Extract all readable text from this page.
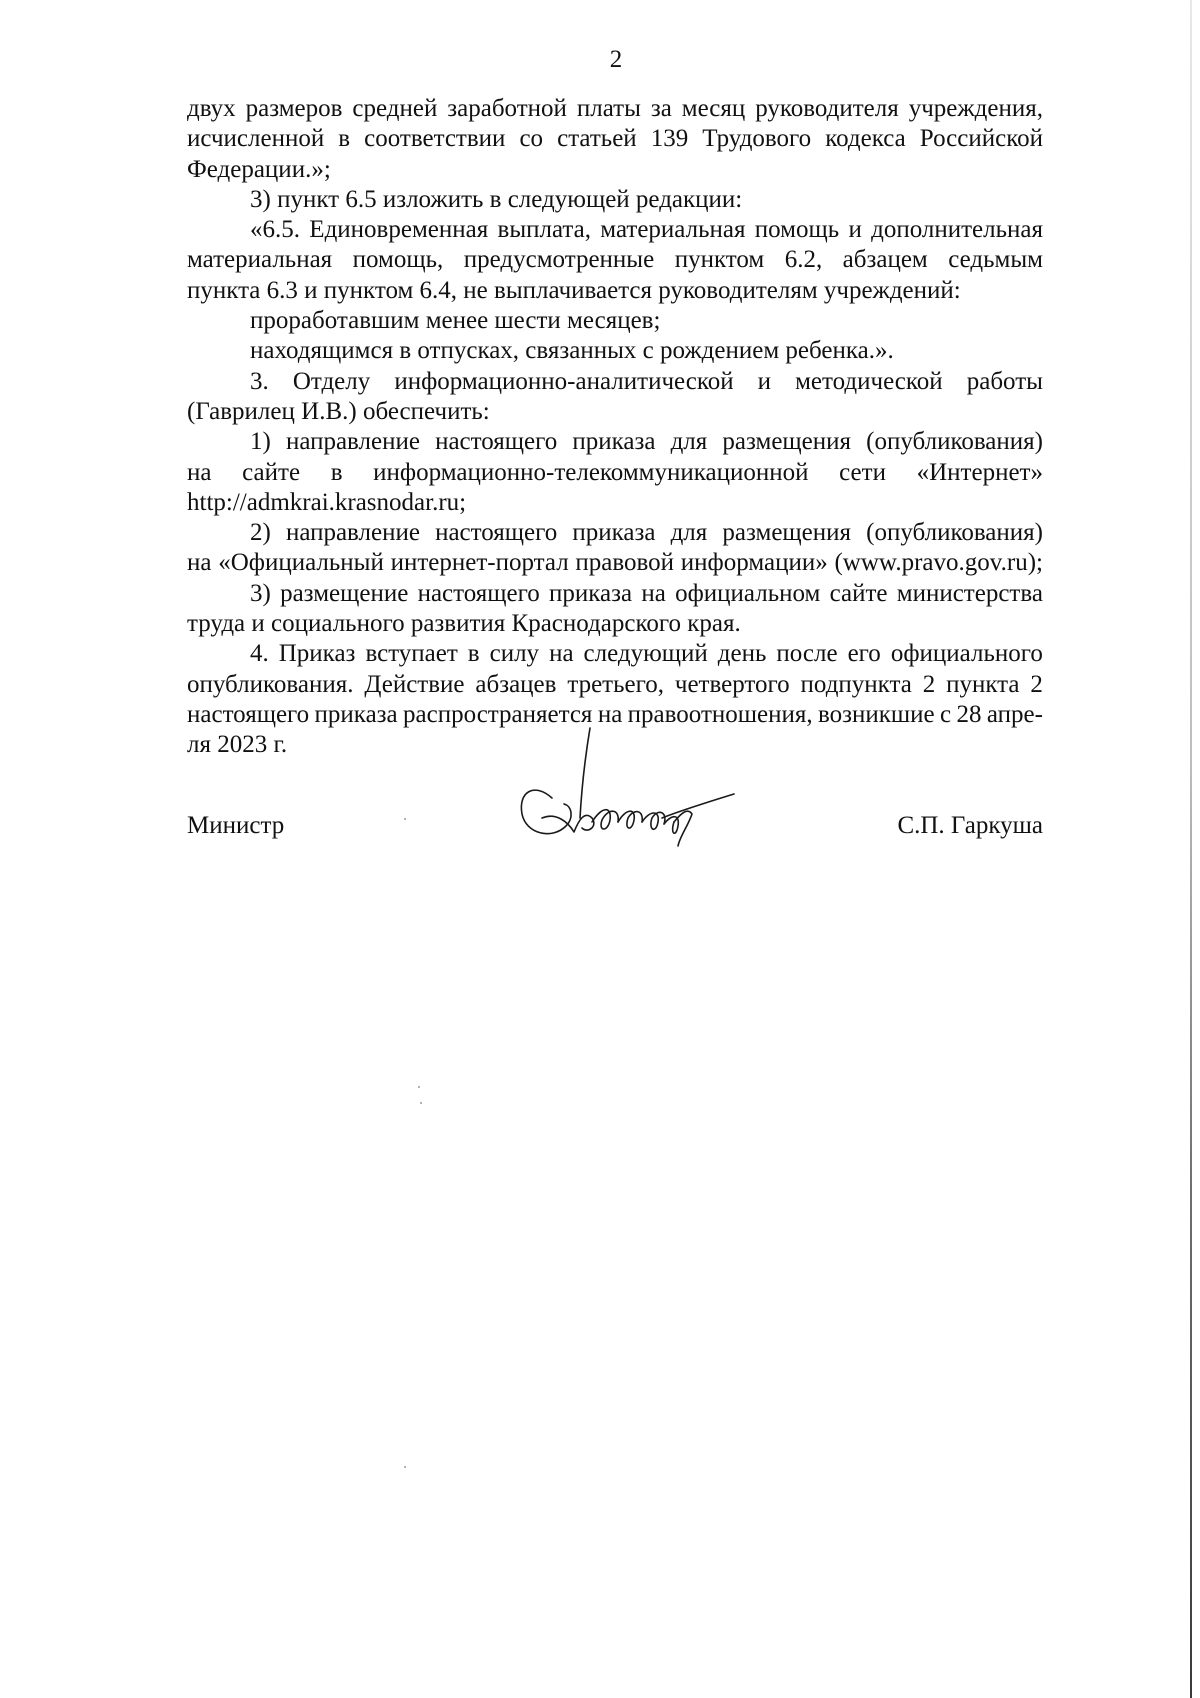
2
двух размеров средней заработной платы за месяц руководителя учреждения,
исчисленной в соответствии со статьей 139 Трудового кодекса Российской
Федерации.»;
3) пункт 6.5 изложить в следующей редакции:
«6.5. Единовременная выплата, материальная помощь и дополнительная
материальная помощь, предусмотренные пунктом 6.2, абзацем седьмым
пункта 6.3 и пунктом 6.4, не выплачивается руководителям учреждений:
проработавшим менее шести месяцев;
находящимся в отпусках, связанных с рождением ребенка.».
3. Отделу информационно-аналитической и методической работы
(Гаврилец И.В.) обеспечить:
1) направление настоящего приказа для размещения (опубликования)
на сайте в информационно-телекоммуникационной сети «Интернет»
http://admkrai.krasnodar.ru;
2) направление настоящего приказа для размещения (опубликования)
на «Официальный интернет-портал правовой информации» (www.pravo.gov.ru);
3) размещение настоящего приказа на официальном сайте министерства
труда и социального развития Краснодарского края.
4. Приказ вступает в силу на следующий день после его официального
опубликования. Действие абзацев третьего, четвертого подпункта 2 пункта 2
настоящего приказа распространяется на правоотношения, возникшие с 28 апре-
ля 2023 г.
Министр	С.П. Гаркуша
